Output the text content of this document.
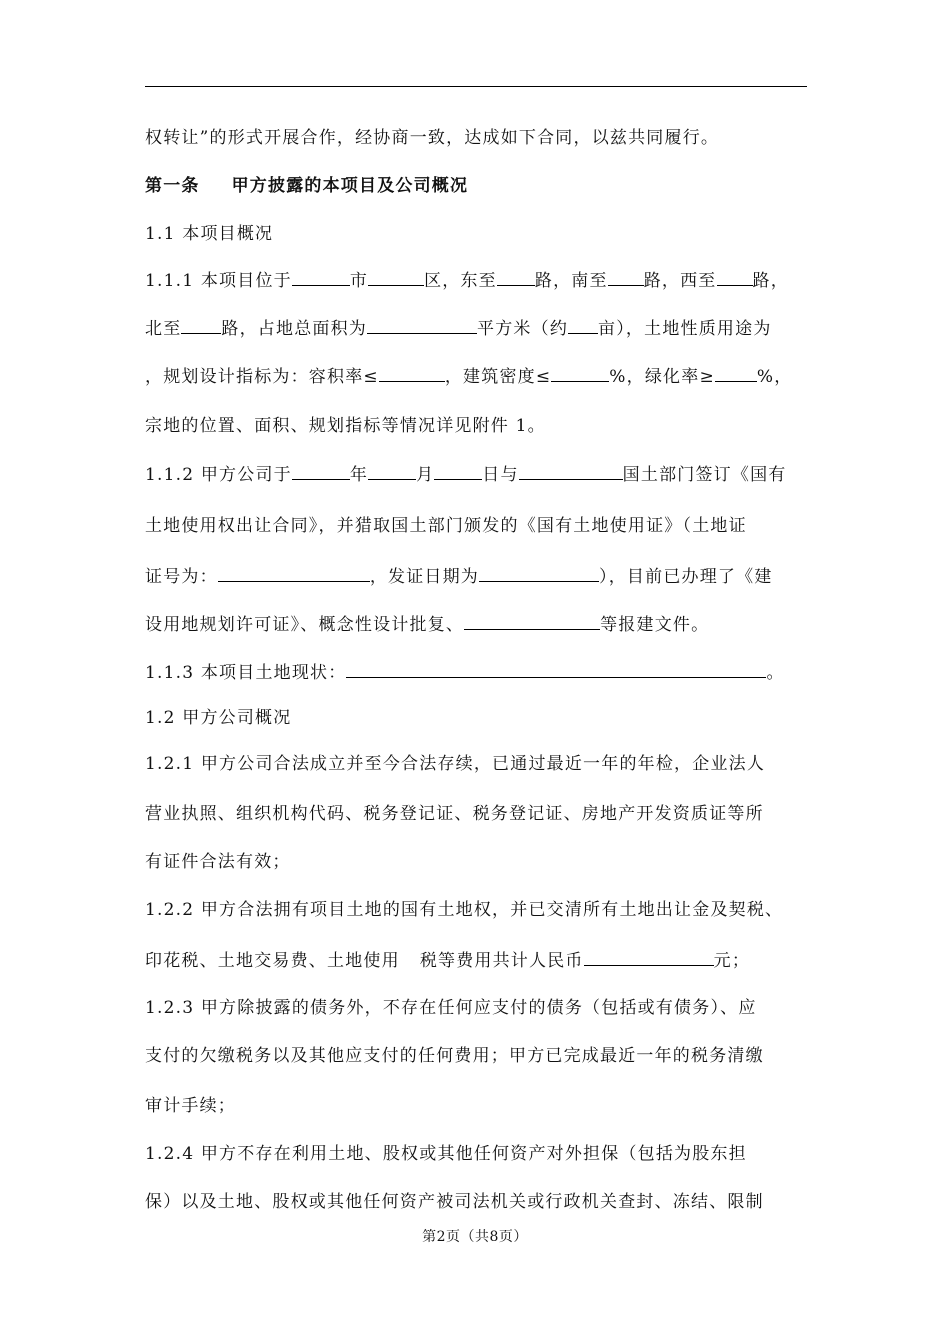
权转让”的形式开展合作，经协商一致，达成如下合同，以兹共同履行。
第一条 甲方披露的本项目及公司概况
1.1 本项目概况
1.1.1 本项目位于	市	区，东至 路，南至 路，西至 路，
北至 路，占地总面积为	平方米（约 亩），土地性质用途为
，规划设计指标为：容积率≤	，建筑密度≤	%，绿化率≥ %，
宗地的位置、面积、规划指标等情况详见附件 1。
1.1.2 甲方公司于	年	月	日与	国土部门签订《国有
土地使用权出让合同》，并猎取国土部门颁发的《国有土地使用证》（土地证
证号为：	，发证日期为	），目前已办理了《建
设用地规划许可证》、概念性设计批复、	等报建文件。
1.1.3 本项目土地现状：	。
1.2 甲方公司概况
1.2.1 甲方公司合法成立并至今合法存续，已通过最近一年的年检，企业法人
营业执照、组织机构代码、税务登记证、税务登记证、房地产开发资质证等所
有证件合法有效；
1.2.2 甲方合法拥有项目土地的国有土地权，并已交清所有土地出让金及契税、
印花税、土地交易费、土地使用 税等费用共计人民币	元；
1.2.3 甲方除披露的债务外，不存在任何应支付的债务（包括或有债务）、应
支付的欠缴税务以及其他应支付的任何费用；甲方已完成最近一年的税务清缴
审计手续；
1.2.4 甲方不存在利用土地、股权或其他任何资产对外担保（包括为股东担
保）以及土地、股权或其他任何资产被司法机关或行政机关查封、冻结、限制
第2页（共8页）
